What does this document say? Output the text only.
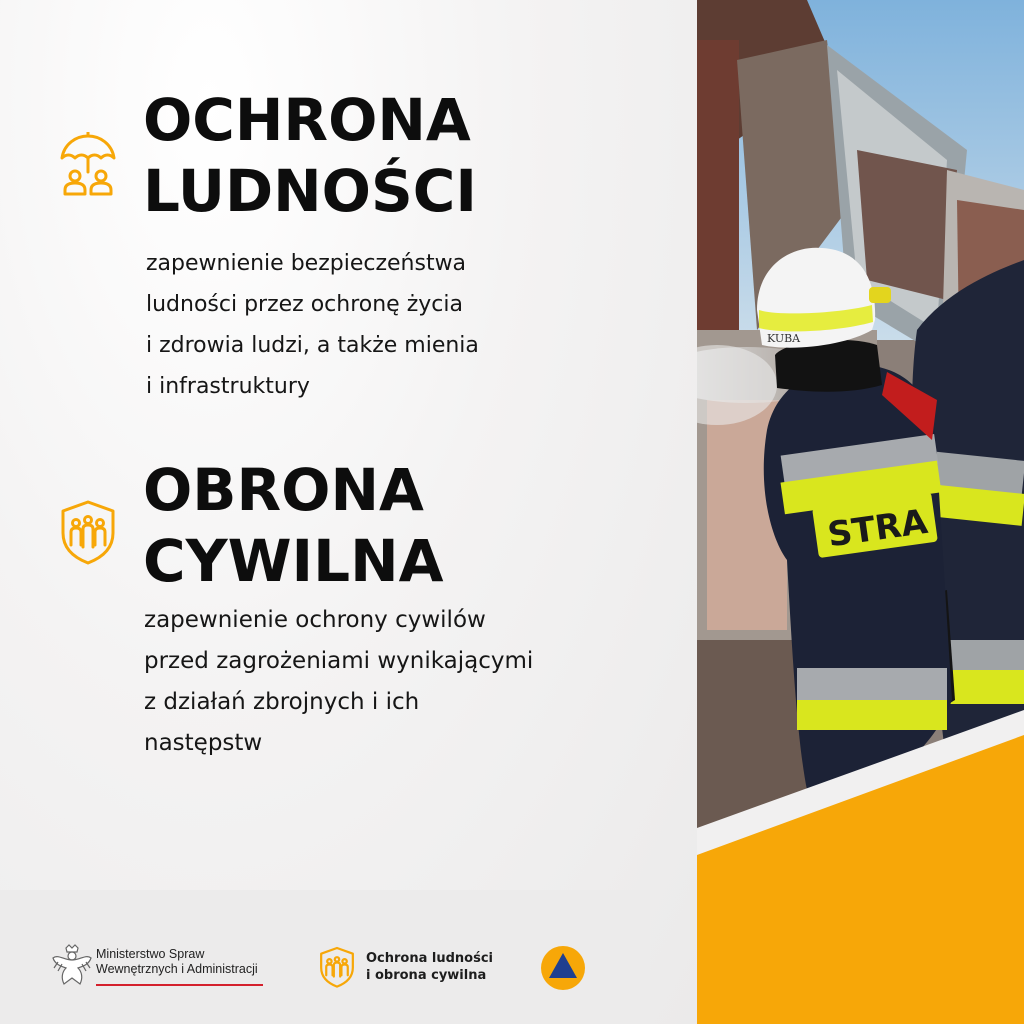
OCHRONA
LUDNOŚCI
zapewnienie bezpieczeństwa
ludności przez ochronę życia
i zdrowia ludzi, a także mienia
i infrastruktury
OBRONA
CYWILNA
zapewnienie ochrony cywilów
przed zagrożeniami wynikającymi
z działań zbrojnych i ich
następstw
STRA
KUBA
Ministerstwo Spraw
Wewnętrznych i Administracji
Ochrona ludności
i obrona cywilna
